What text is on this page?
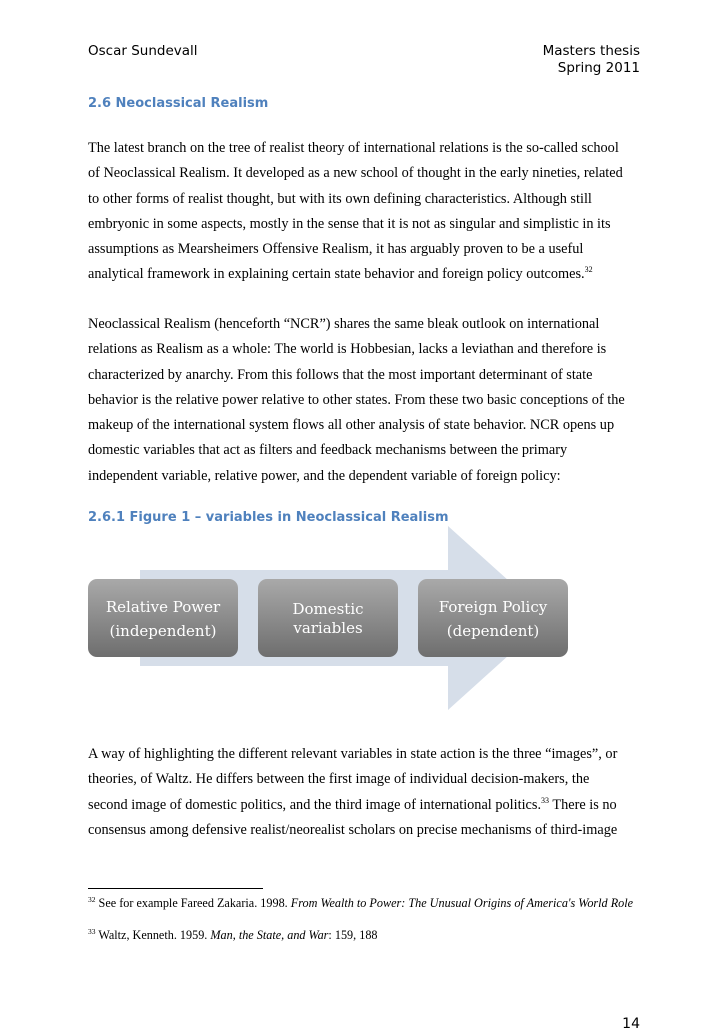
Oscar Sundevall	Masters thesis
Spring 2011
2.6 Neoclassical Realism

The latest branch on the tree of realist theory of international relations is the so-called school
of Neoclassical Realism. It developed as a new school of thought in the early nineties, related
to other forms of realist thought, but with its own defining characteristics. Although still
embryonic in some aspects, mostly in the sense that it is not as singular and simplistic in its
assumptions as Mearsheimers Offensive Realism, it has arguably proven to be a useful
analytical framework in explaining certain state behavior and foreign policy outcomes.$^{32}$

Neoclassical Realism (henceforth “NCR”) shares the same bleak outlook on international
relations as Realism as a whole: The world is Hobbesian, lacks a leviathan and therefore is
characterized by anarchy. From this follows that the most important determinant of state
behavior is the relative power relative to other states. From these two basic conceptions of the
makeup of the international system flows all other analysis of state behavior. NCR opens up
domestic variables that act as filters and feedback mechanisms between the primary
independent variable, relative power, and the dependent variable of foreign policy:

2.6.1 Figure 1 – variables in Neoclassical Realism
Relative Power
(independent)
Domestic
variables
Foreign Policy
(dependent)

A way of highlighting the different relevant variables in state action is the three “images”, or
theories, of Waltz. He differs between the first image of individual decision-makers, the
second image of domestic politics, and the third image of international politics.$^{33}$ There is no
consensus among defensive realist/neorealist scholars on precise mechanisms of third-image

$^{32}$ See for example Fareed Zakaria. 1998. From Wealth to Power: The Unusual Origins of America's World Role

$^{33}$ Waltz, Kenneth. 1959. Man, the State, and War: 159, 188

14
